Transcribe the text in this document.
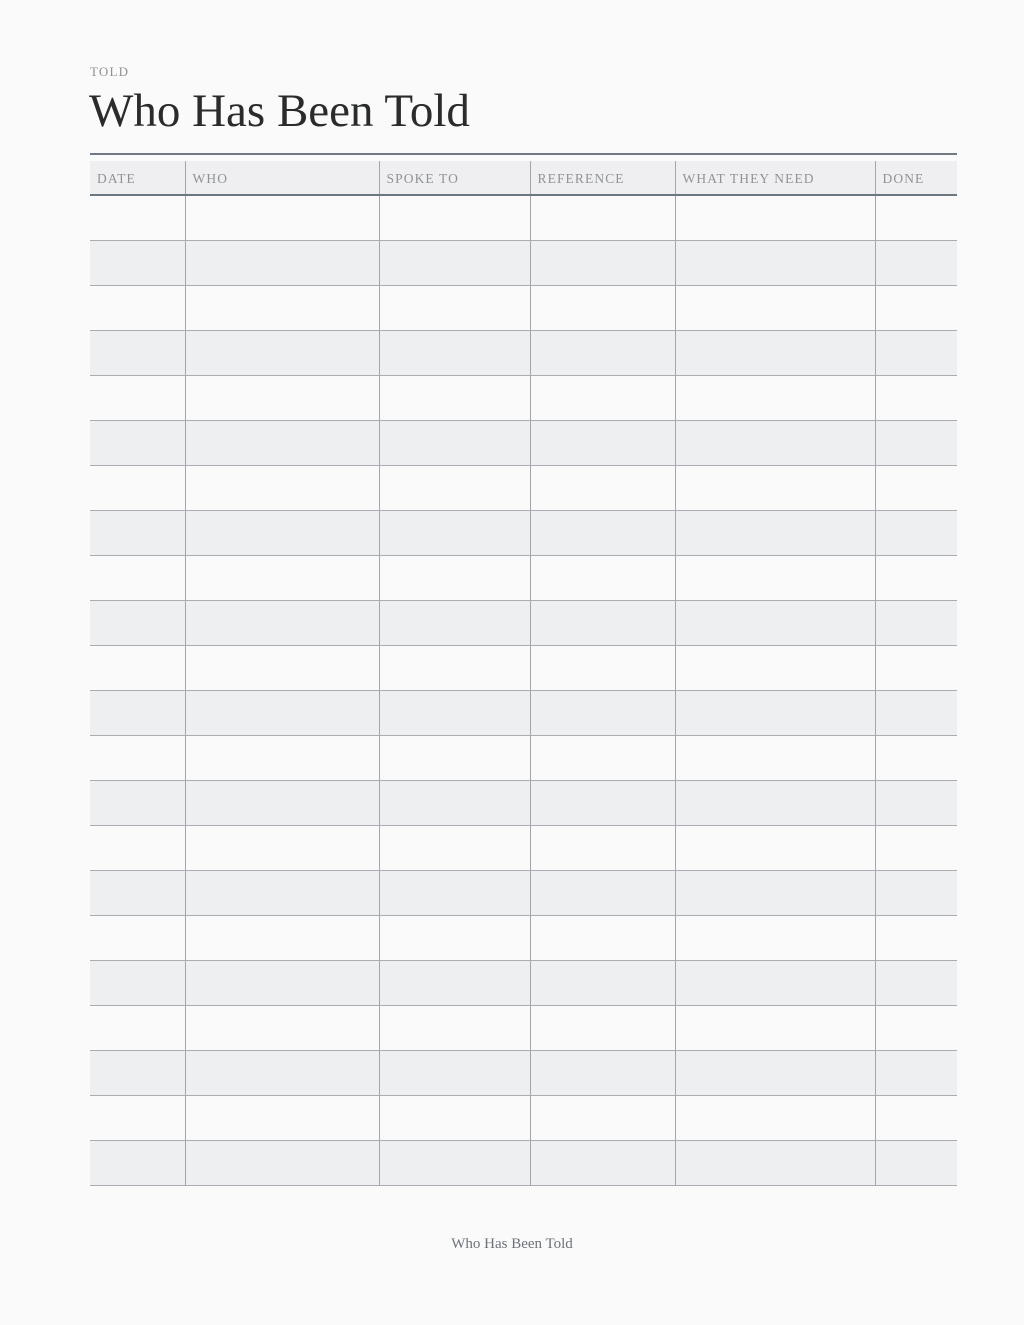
TOLD
Who Has Been Told
DATE	WHO	SPOKE TO	REFERENCE	WHAT THEY NEED	DONE

Who Has Been Told
